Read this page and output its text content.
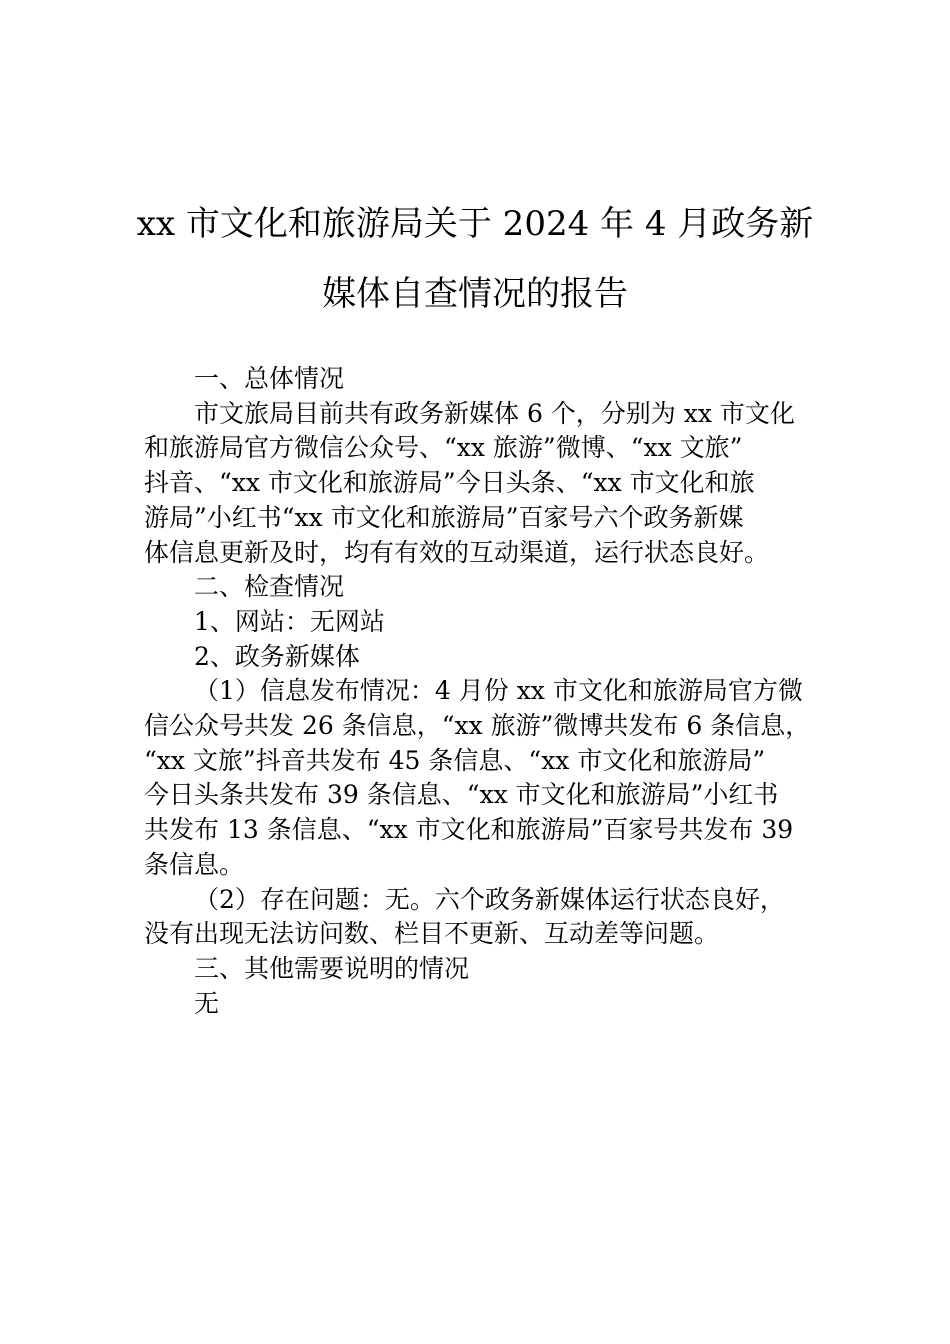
xx 市文化和旅游局关于 2024 年 4 月政务新
媒体自查情况的报告

一、总体情况

市文旅局目前共有政务新媒体 6 个，分别为 xx 市文化
和旅游局官方微信公众号、“xx 旅游”微博、“xx 文旅”
抖音、“xx 市文化和旅游局”今日头条、“xx 市文化和旅
游局”小红书“xx 市文化和旅游局”百家号六个政务新媒
体信息更新及时，均有有效的互动渠道，运行状态良好。

二、检查情况

1、网站：无网站

2、政务新媒体

（1）信息发布情况：4 月份 xx 市文化和旅游局官方微
信公众号共发 26 条信息，“xx 旅游”微博共发布 6 条信息，
“xx 文旅”抖音共发布 45 条信息、“xx 市文化和旅游局”
今日头条共发布 39 条信息、“xx 市文化和旅游局”小红书
共发布 13 条信息、“xx 市文化和旅游局”百家号共发布 39
条信息。

（2）存在问题：无。六个政务新媒体运行状态良好，
没有出现无法访问数、栏目不更新、互动差等问题。

三、其他需要说明的情况

无
